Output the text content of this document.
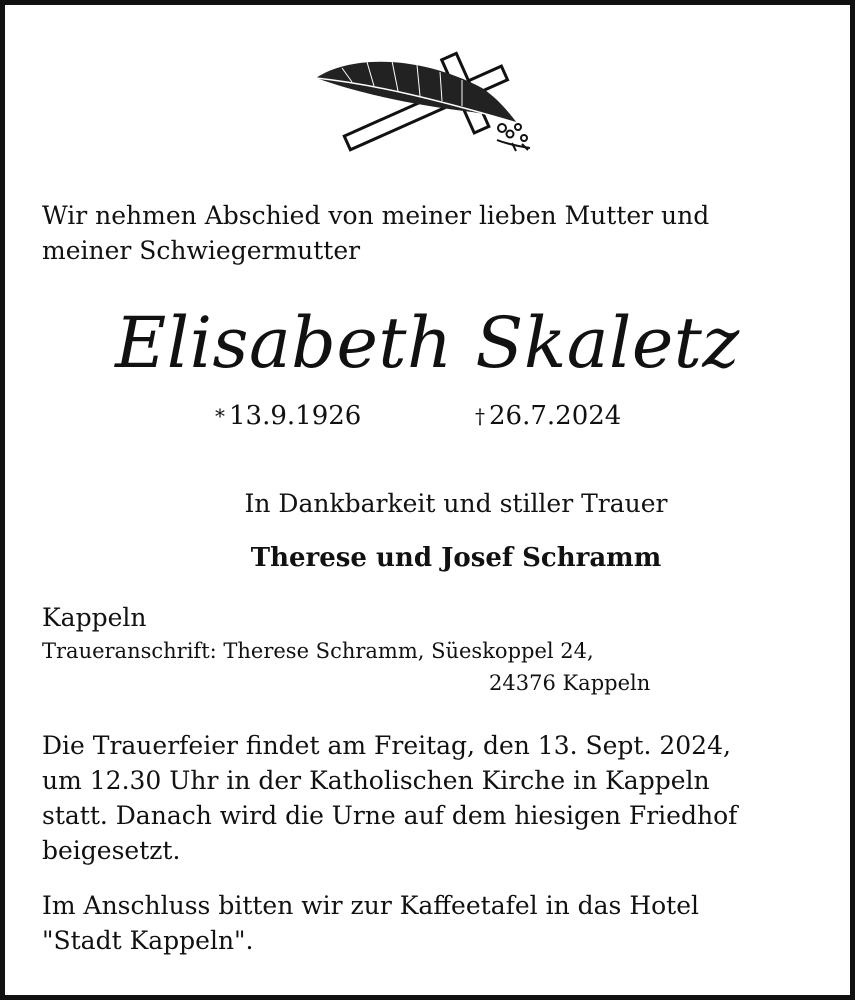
Wir nehmen Abschied von meiner lieben Mutter und
meiner Schwiegermutter
Elisabeth Skaletz
* 13.9.1926	† 26.7.2024
In Dankbarkeit und stiller Trauer
Therese und Josef Schramm
Kappeln
Traueranschrift: Therese Schramm, Süeskoppel 24,
24376 Kappeln
Die Trauerfeier findet am Freitag, den 13. Sept. 2024,
um 12.30 Uhr in der Katholischen Kirche in Kappeln
statt. Danach wird die Urne auf dem hiesigen Friedhof
beigesetzt.
Im Anschluss bitten wir zur Kaffeetafel in das Hotel
"Stadt Kappeln".
